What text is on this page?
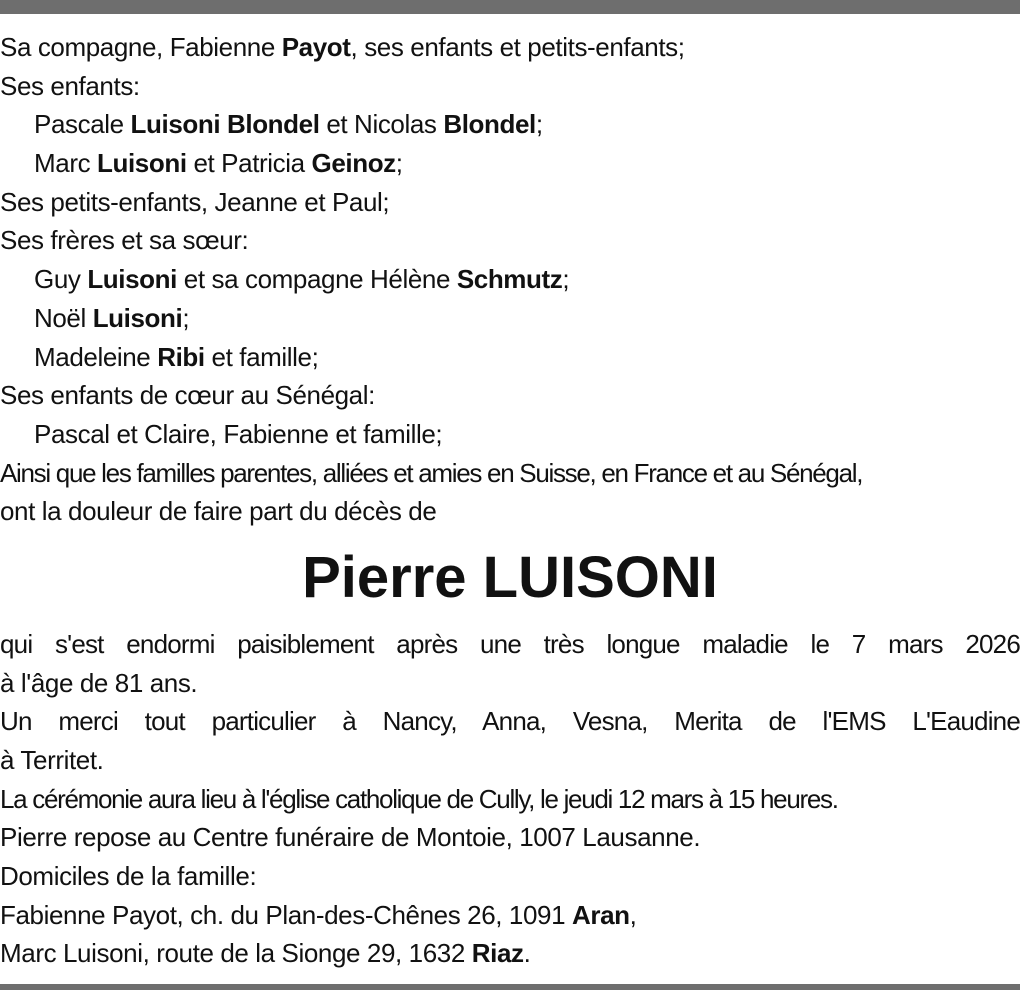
Sa compagne, Fabienne Payot, ses enfants et petits-enfants;
Ses enfants:
Pascale Luisoni Blondel et Nicolas Blondel;
Marc Luisoni et Patricia Geinoz;
Ses petits-enfants, Jeanne et Paul;
Ses frères et sa sœur:
Guy Luisoni et sa compagne Hélène Schmutz;
Noël Luisoni;
Madeleine Ribi et famille;
Ses enfants de cœur au Sénégal:
Pascal et Claire, Fabienne et famille;
Ainsi que les familles parentes, alliées et amies en Suisse, en France et au Sénégal,
ont la douleur de faire part du décès de
Pierre LUISONI
qui s'est endormi paisiblement après une très longue maladie le 7 mars 2026
à l'âge de 81 ans.
Un merci tout particulier à Nancy, Anna, Vesna, Merita de l'EMS L'Eaudine
à Territet.
La cérémonie aura lieu à l'église catholique de Cully, le jeudi 12 mars à 15 heures.
Pierre repose au Centre funéraire de Montoie, 1007 Lausanne.
Domiciles de la famille:
Fabienne Payot, ch. du Plan-des-Chênes 26, 1091 Aran,
Marc Luisoni, route de la Sionge 29, 1632 Riaz.
